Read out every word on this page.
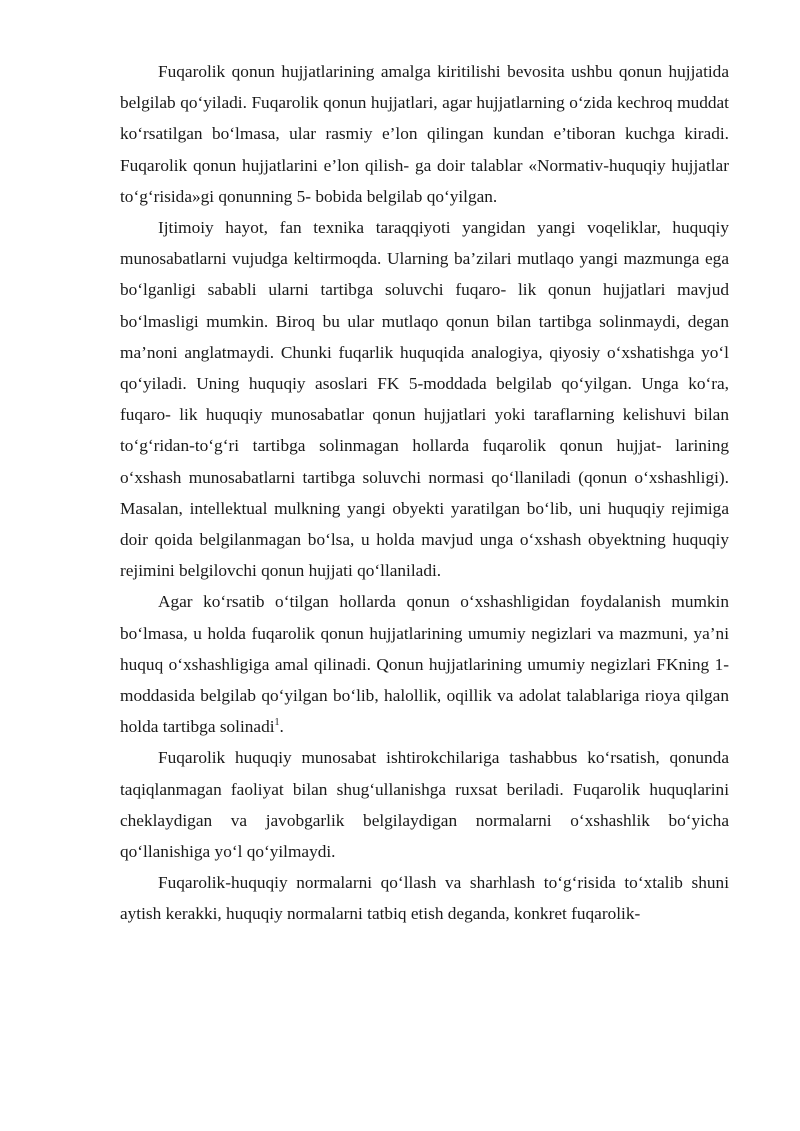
Fuqarolik qonun hujjatlarining amalga kiritilishi bevosita ushbu qonun hujjatida belgilab qo‘yiladi. Fuqarolik qonun hujjatlari, agar hujjatlarning o‘zida kechroq muddat ko‘rsatilgan bo‘lmasa, ular rasmiy e’lon qilingan kundan e’tiboran kuchga kiradi. Fuqarolik qonun hujjatlarini e’lon qilish- ga doir talablar «Normativ-huquqiy hujjatlar to‘g‘risida»gi qonunning 5- bobida belgilab qo‘yilgan.

Ijtimoiy hayot, fan texnika taraqqiyoti yangidan yangi voqeliklar, huquqiy munosabatlarni vujudga keltirmoqda. Ularning ba’zilari mutlaqo yangi mazmunga ega bo‘lganligi sababli ularni tartibga soluvchi fuqaro- lik qonun hujjatlari mavjud bo‘lmasligi mumkin. Biroq bu ular mutlaqo qonun bilan tartibga solinmaydi, degan ma’noni anglatmaydi. Chunki fuqarlik huquqida analogiya, qiyosiy o‘xshatishga yo‘l qo‘yiladi. Uning huquqiy asoslari FK 5-moddada belgilab qo‘yilgan. Unga ko‘ra, fuqaro- lik huquqiy munosabatlar qonun hujjatlari yoki taraflarning kelishuvi bilan to‘g‘ridan-to‘g‘ri tartibga solinmagan hollarda fuqarolik qonun hujjat- larining o‘xshash munosabatlarni tartibga soluvchi normasi qo‘llaniladi (qonun o‘xshashligi). Masalan, intellektual mulkning yangi obyekti yaratilgan bo‘lib, uni huquqiy rejimiga doir qoida belgilanmagan bo‘lsa, u holda mavjud unga o‘xshash obyektning huquqiy rejimini belgilovchi qonun hujjati qo‘llaniladi.

Agar ko‘rsatib o‘tilgan hollarda qonun o‘xshashligidan foydalanish mumkin bo‘lmasa, u holda fuqarolik qonun hujjatlarining umumiy negizlari va mazmuni, ya’ni huquq o‘xshashligiga amal qilinadi. Qonun hujjatlarining umumiy negizlari FKning 1-moddasida belgilab qo‘yilgan bo‘lib, halollik, oqillik va adolat talablariga rioya qilgan holda tartibga solinadi$^1$.

Fuqarolik huquqiy munosabat ishtirokchilariga tashabbus ko‘rsatish, qonunda taqiqlanmagan faoliyat bilan shug‘ullanishga ruxsat beriladi. Fuqarolik huquqlarini cheklaydigan va javobgarlik belgilaydigan normalarni o‘xshashlik bo‘yicha qo‘llanishiga yo‘l qo‘yilmaydi.

Fuqarolik-huquqiy normalarni qo‘llash va sharhlash to‘g‘risida to‘xtalib shuni aytish kerakki, huquqiy normalarni tatbiq etish deganda, konkret fuqarolik-
